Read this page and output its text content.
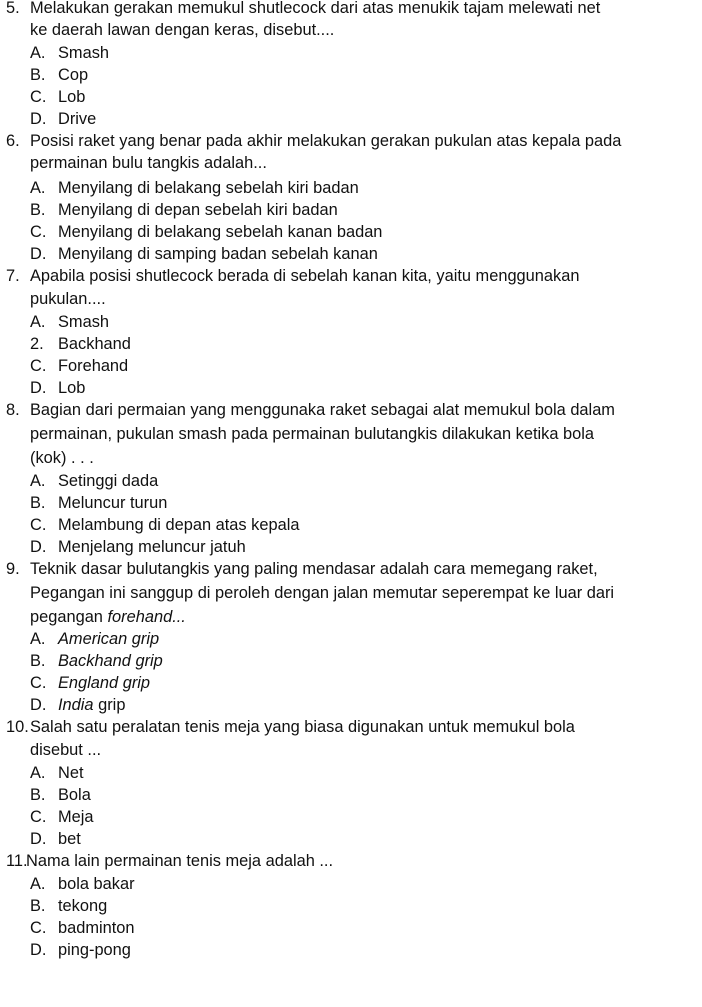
5. Melakukan gerakan memukul shutlecock dari atas menukik tajam melewati net
ke daerah lawan dengan keras, disebut....
A. Smash
B. Cop
C. Lob
D. Drive
6. Posisi raket yang benar pada akhir melakukan gerakan pukulan atas kepala pada
permainan bulu tangkis adalah...
A. Menyilang di belakang sebelah kiri badan
B. Menyilang di depan sebelah kiri badan
C. Menyilang di belakang sebelah kanan badan
D. Menyilang di samping badan sebelah kanan
7. Apabila posisi shutlecock berada di sebelah kanan kita, yaitu menggunakan
pukulan....
A. Smash
2. Backhand
C. Forehand
D. Lob
8. Bagian dari permaian yang menggunaka raket sebagai alat memukul bola dalam
permainan, pukulan smash pada permainan bulutangkis dilakukan ketika bola
(kok) . . .
A. Setinggi dada
B. Meluncur turun
C. Melambung di depan atas kepala
D. Menjelang meluncur jatuh
9. Teknik dasar bulutangkis yang paling mendasar adalah cara memegang raket,
Pegangan ini sanggup di peroleh dengan jalan memutar seperempat ke luar dari
pegangan forehand...
A. American grip
B. Backhand grip
C. England grip
D. India grip
10. Salah satu peralatan tenis meja yang biasa digunakan untuk memukul bola
disebut ...
A. Net
B. Bola
C. Meja
D. bet
11.
Nama lain permainan tenis meja adalah ...
A. bola bakar
B. tekong
C. badminton
D. ping-pong
